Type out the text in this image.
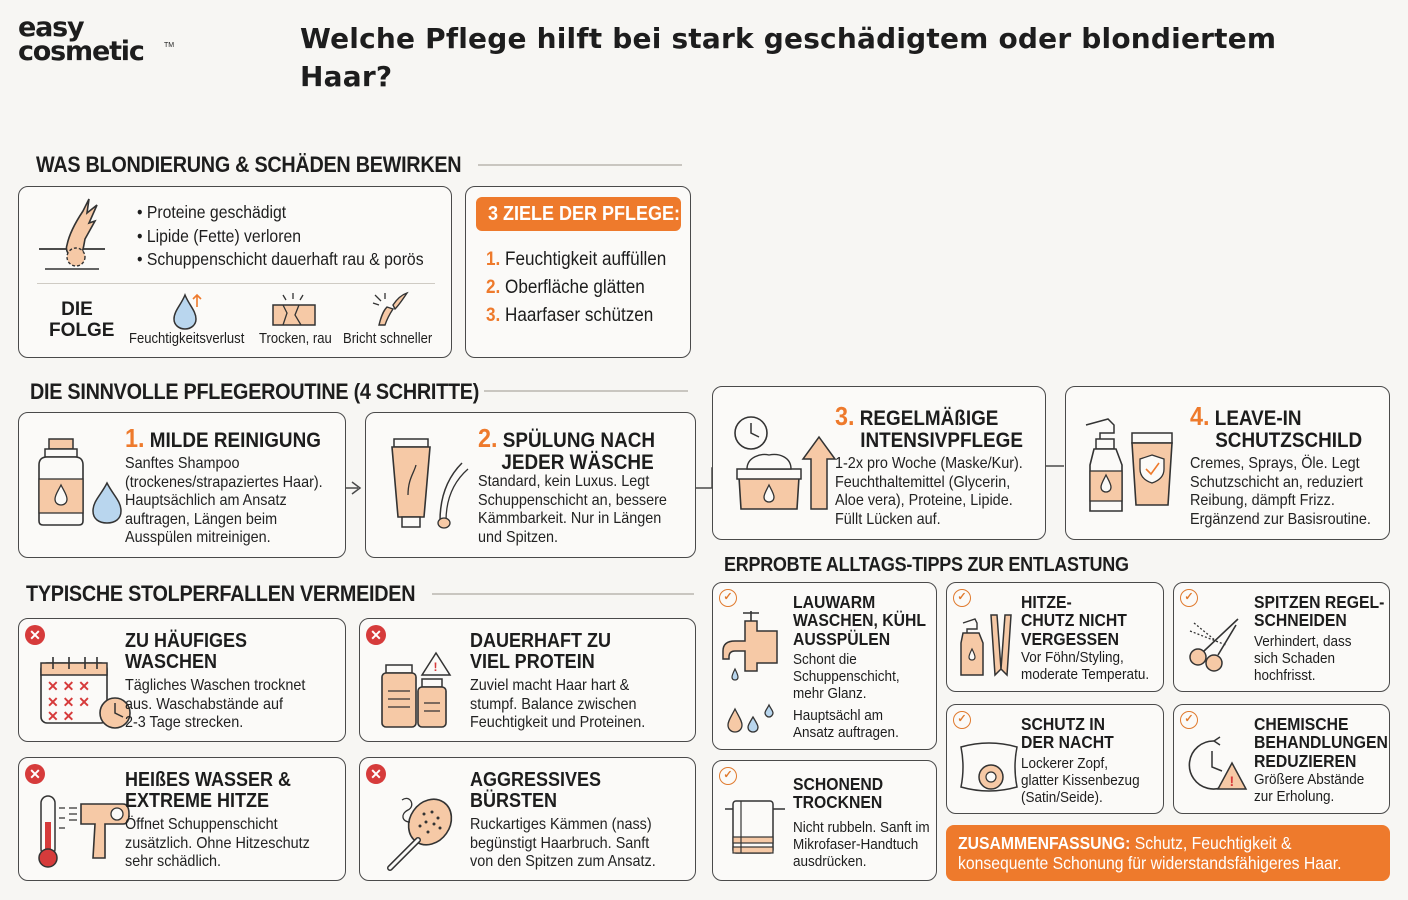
easy
cosmetic	TM	Welche Pflege hilft bei stark geschädigtem oder blondiertem
Haar?
WAS BLONDIERUNG & SCHÄDEN BEWIRKEN
• Proteine geschädigt
• Lipide (Fette) verloren
• Schuppenschicht dauerhaft rau & porös
DIE
FOLGE Feuchtigkeitsverlust Trocken, rau Bricht schneller
3 ZIELE DER PFLEGE:
1. Feuchtigkeit auffüllen
2. Oberfläche glätten
3. Haarfaser schützen
DIE SINNVOLLE PFLEGEROUTINE (4 SCHRITTE)
1. MILDE REINIGUNG
Sanftes Shampoo
(trockenes/strapaziertes Haar).
Hauptsächlich am Ansatz
auftragen, Längen beim
Ausspülen mitreinigen.
2. SPÜLUNG NACH
JEDER WÄSCHE
Standard, kein Luxus. Legt
Schuppenschicht an, bessere
Kämmbarkeit. Nur in Längen
und Spitzen.
3. REGELMÄßIGE
INTENSIVPFLEGE
1-2x pro Woche (Maske/Kur).
Feuchthaltemittel (Glycerin,
Aloe vera), Proteine, Lipide.
Füllt Lücken auf.
4. LEAVE-IN
SCHUTZSCHILD
Cremes, Sprays, Öle. Legt
Schutzschicht an, reduziert
Reibung, dämpft Frizz.
Ergänzend zur Basisroutine.
TYPISCHE STOLPERFALLEN VERMEIDEN
✕
✕ ✕ ✕
✕ ✕ ✕
✕ ✕
ZU HÄUFIGES
WASCHEN
Tägliches Waschen trocknet
aus. Waschabstände auf
2-3 Tage strecken.
✕
!
DAUERHAFT ZU
VIEL PROTEIN
Zuviel macht Haar hart &
stumpf. Balance zwischen
Feuchtigkeit und Proteinen.
✕	HEIßES WASSER &
EXTREME HITZE
Öffnet Schuppenschicht
zusätzlich. Ohne Hitzeschutz
sehr schädlich.
✕	AGGRESSIVES
BÜRSTEN
Ruckartiges Kämmen (nass)
begünstigt Haarbruch. Sanft
von den Spitzen zum Ansatz.
ERPROBTE ALLTAGS-TIPPS ZUR ENTLASTUNG
✓	LAUWARM
WASCHEN, KÜHL
AUSSPÜLEN
Schont die
Schuppenschicht,
mehr Glanz.
Hauptsächl am
Ansatz auftragen.
✓	HITZE-
CHUTZ NICHT
VERGESSEN
Vor Föhn/Styling,
moderate Temperatu.
✓	SPITZEN REGEL-
SCHNEIDEN
Verhindert, dass
sich Schaden
hochfrisst.
✓	SCHONEND
TROCKNEN
Nicht rubbeln. Sanft im
Mikrofaser-Handtuch
ausdrücken.
✓	SCHUTZ IN
DER NACHT
Lockerer Zopf,
glatter Kissenbezug
(Satin/Seide).
✓
!
CHEMISCHE
BEHANDLUNGEN
REDUZIEREN
Größere Abstände
zur Erholung.
ZUSAMMENFASSUNG: Schutz, Feuchtigkeit &
konsequente Schonung für widerstandsfähigeres Haar.
